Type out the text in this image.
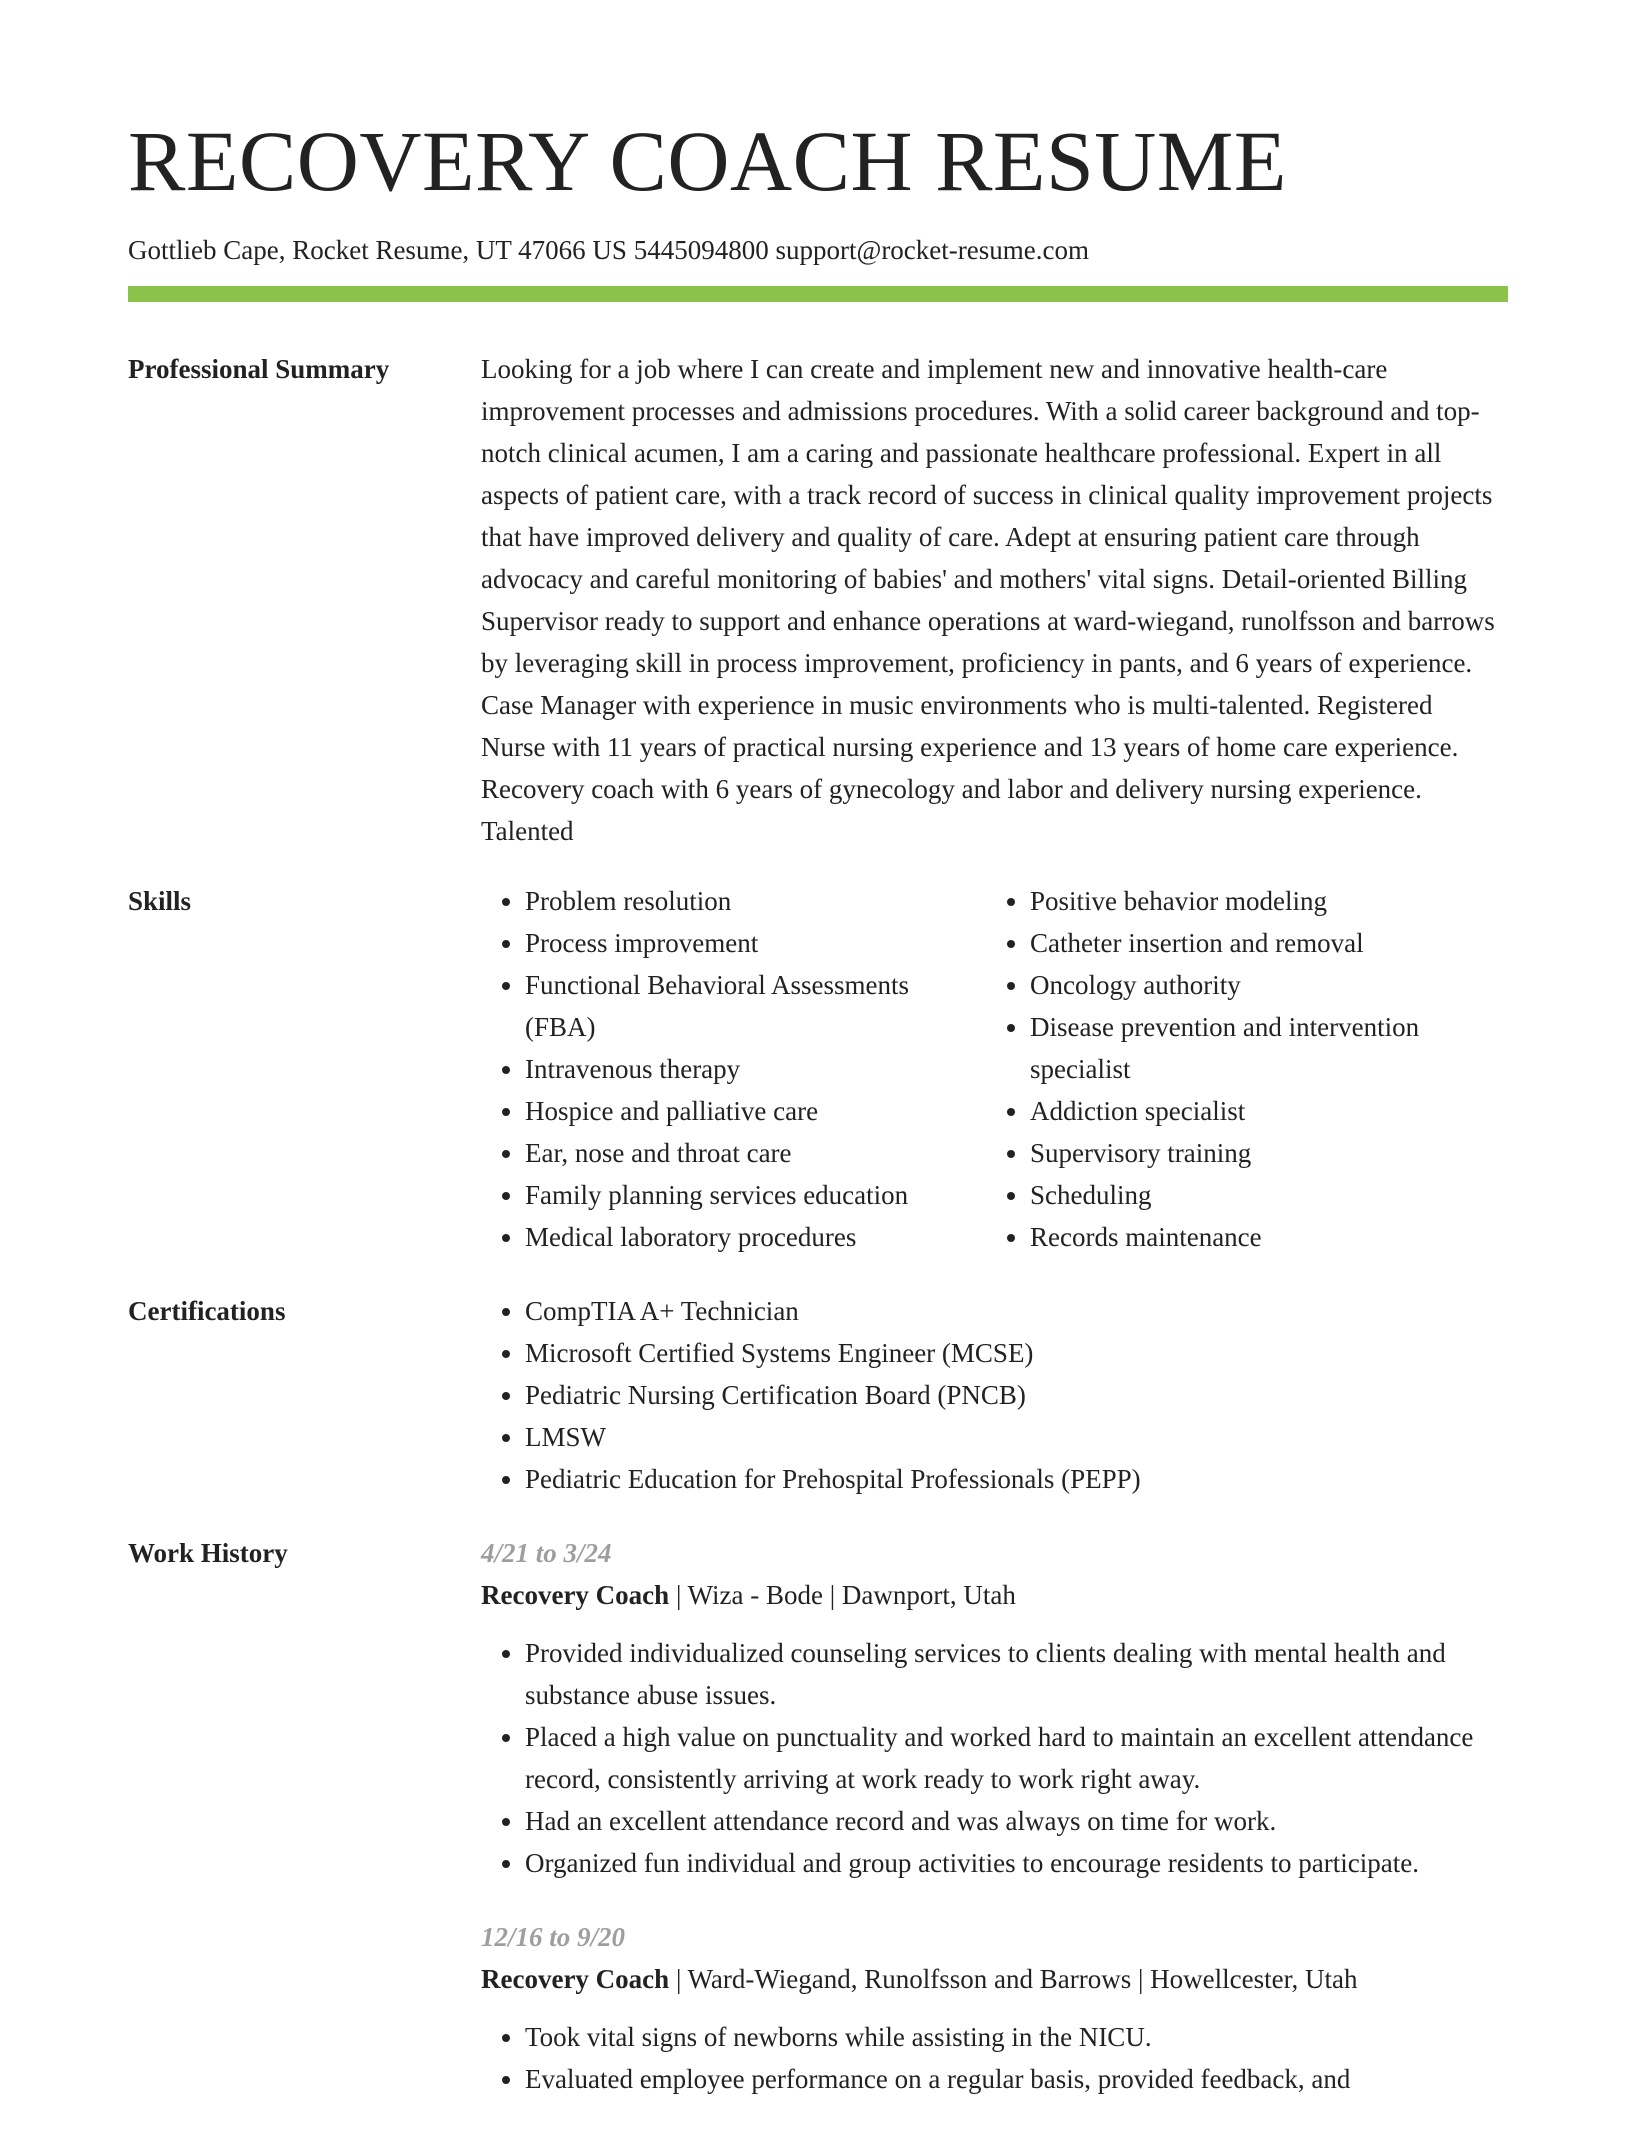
RECOVERY COACH RESUME
Gottlieb Cape, Rocket Resume, UT 47066 US 5445094800 support@rocket-resume.com
Professional Summary	Looking for a job where I can create and implement new and innovative health-care improvement processes and admissions procedures. With a solid career background and top-notch clinical acumen, I am a caring and passionate healthcare professional. Expert in all aspects of patient care, with a track record of success in clinical quality improvement projects that have improved delivery and quality of care. Adept at ensuring patient care through advocacy and careful monitoring of babies' and mothers' vital signs. Detail-oriented Billing Supervisor ready to support and enhance operations at ward-wiegand, runolfsson and barrows by leveraging skill in process improvement, proficiency in pants, and 6 years of experience. Case Manager with experience in music environments who is multi-talented. Registered Nurse with 11 years of practical nursing experience and 13 years of home care experience. Recovery coach with 6 years of gynecology and labor and delivery nursing experience. Talented

Skills	• Problem resolution
• Process improvement
• Functional Behavioral Assessments (FBA)
• Intravenous therapy
• Hospice and palliative care
• Ear, nose and throat care
• Family planning services education
• Medical laboratory procedures
• Positive behavior modeling
• Catheter insertion and removal
• Oncology authority
• Disease prevention and intervention specialist
• Addiction specialist
• Supervisory training
• Scheduling
• Records maintenance
Certifications	• CompTIA A+ Technician
• Microsoft Certified Systems Engineer (MCSE)
• Pediatric Nursing Certification Board (PNCB)
• LMSW
• Pediatric Education for Prehospital Professionals (PEPP)
Work History	4/21 to 3/24
Recovery Coach | Wiza - Bode | Dawnport, Utah
• Provided individualized counseling services to clients dealing with mental health and substance abuse issues.
• Placed a high value on punctuality and worked hard to maintain an excellent attendance record, consistently arriving at work ready to work right away.
• Had an excellent attendance record and was always on time for work.
• Organized fun individual and group activities to encourage residents to participate.
12/16 to 9/20
Recovery Coach | Ward-Wiegand, Runolfsson and Barrows | Howellcester, Utah
• Took vital signs of newborns while assisting in the NICU.
• Evaluated employee performance on a regular basis, provided feedback, and
